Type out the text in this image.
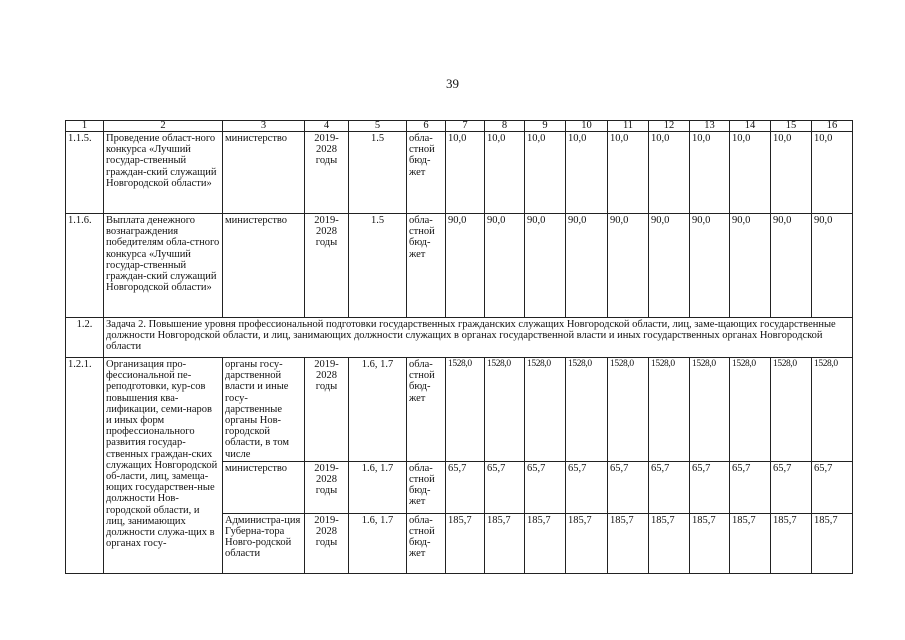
39
1	2	3	4	5	6	7	8	9	10	11	12	13	14	15	16
1.1.5.	Проведение област-ного конкурса «Лучший государ-ственный граждан-ский служащий Новгородской области»	министерство	2019-2028 годы	1.5	обла-стной бюд-жет	10,0	10,0	10,0	10,0	10,0	10,0	10,0	10,0	10,0	10,0
1.1.6.	Выплата денежного вознаграждения победителям обла-стного конкурса «Лучший государ-ственный граждан-ский служащий Новгородской области»	министерство	2019-2028 годы	1.5	обла-стной бюд-жет	90,0	90,0	90,0	90,0	90,0	90,0	90,0	90,0	90,0	90,0
1.2.	Задача 2. Повышение уровня профессиональной подготовки государственных гражданских служащих Новгородской области, лиц, заме-щающих государственные должности Новгородской области, и лиц, занимающих должности служащих в органах государственной власти и иных государственных органах Новгородской области														
1.2.1.	Организация про-фессиональной пе-реподготовки, кур-сов повышения ква-лификации, семи-наров и иных форм профессионального развития государ-ственных граждан-ских служащих Новгородской об-ласти, лиц, замеща-ющих государствен-ные должности Нов-городской области, и лиц, занимающих должности служа-щих в органах госу-	органы госу-дарственной власти и иные госу-дарственные органы Нов-городской области, в том числе	2019-2028 годы	1.6, 1.7	обла-стной бюд-жет	1528,0	1528,0	1528,0	1528,0	1528,0	1528,0	1528,0	1528,0	1528,0	1528,0
		министерство	2019-2028 годы	1.6, 1.7	обла-стной бюд-жет	65,7	65,7	65,7	65,7	65,7	65,7	65,7	65,7	65,7	65,7
		Администра-ция Губерна-тора Новго-родской области	2019-2028 годы	1.6, 1.7	обла-стной бюд-жет	185,7	185,7	185,7	185,7	185,7	185,7	185,7	185,7	185,7	185,7
